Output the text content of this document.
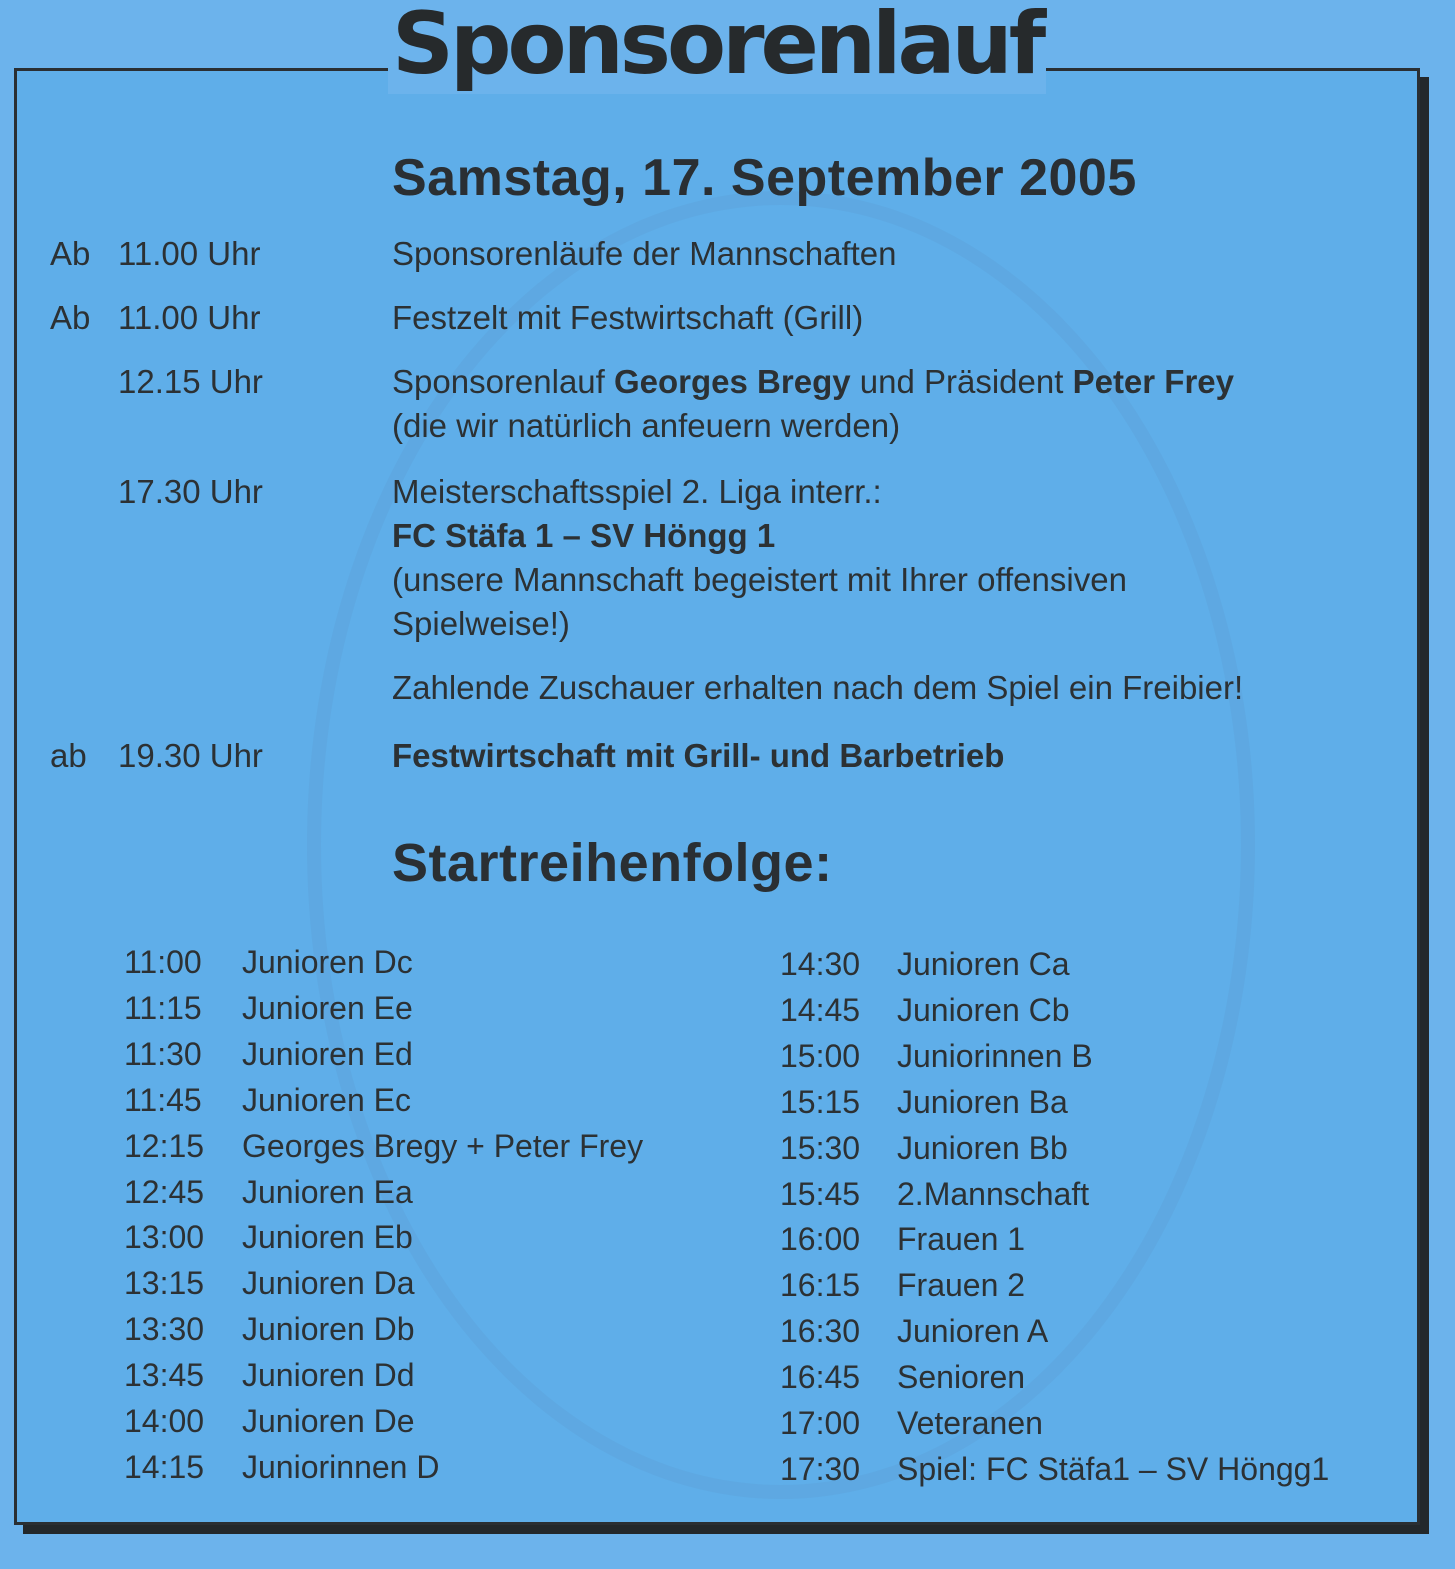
Sponsorenlauf
Samstag, 17. September 2005
Ab 11.00 Uhr	Sponsorenläufe der Mannschaften
Ab 11.00 Uhr	Festzelt mit Festwirtschaft (Grill)
12.15 Uhr	Sponsorenlauf Georges Bregy und Präsident Peter Frey
(die wir natürlich anfeuern werden)
17.30 Uhr	Meisterschaftsspiel 2. Liga interr.:
FC Stäfa 1 – SV Höngg 1
(unsere Mannschaft begeistert mit Ihrer offensiven Spielweise!)
Zahlende Zuschauer erhalten nach dem Spiel ein Freibier!
ab 19.30 Uhr	Festwirtschaft mit Grill- und Barbetrieb
Startreihenfolge:
11:00 Junioren Dc
11:15 Junioren Ee
11:30 Junioren Ed
11:45 Junioren Ec
12:15 Georges Bregy + Peter Frey
12:45 Junioren Ea
13:00 Junioren Eb
13:15 Junioren Da
13:30 Junioren Db
13:45 Junioren Dd
14:00 Junioren De
14:15 Juniorinnen D
14:30 Junioren Ca
14:45 Junioren Cb
15:00 Juniorinnen B
15:15 Junioren Ba
15:30 Junioren Bb
15:45 2.Mannschaft
16:00 Frauen 1
16:15 Frauen 2
16:30 Junioren A
16:45 Senioren
17:00 Veteranen
17:30 Spiel: FC Stäfa1 – SV Höngg1
